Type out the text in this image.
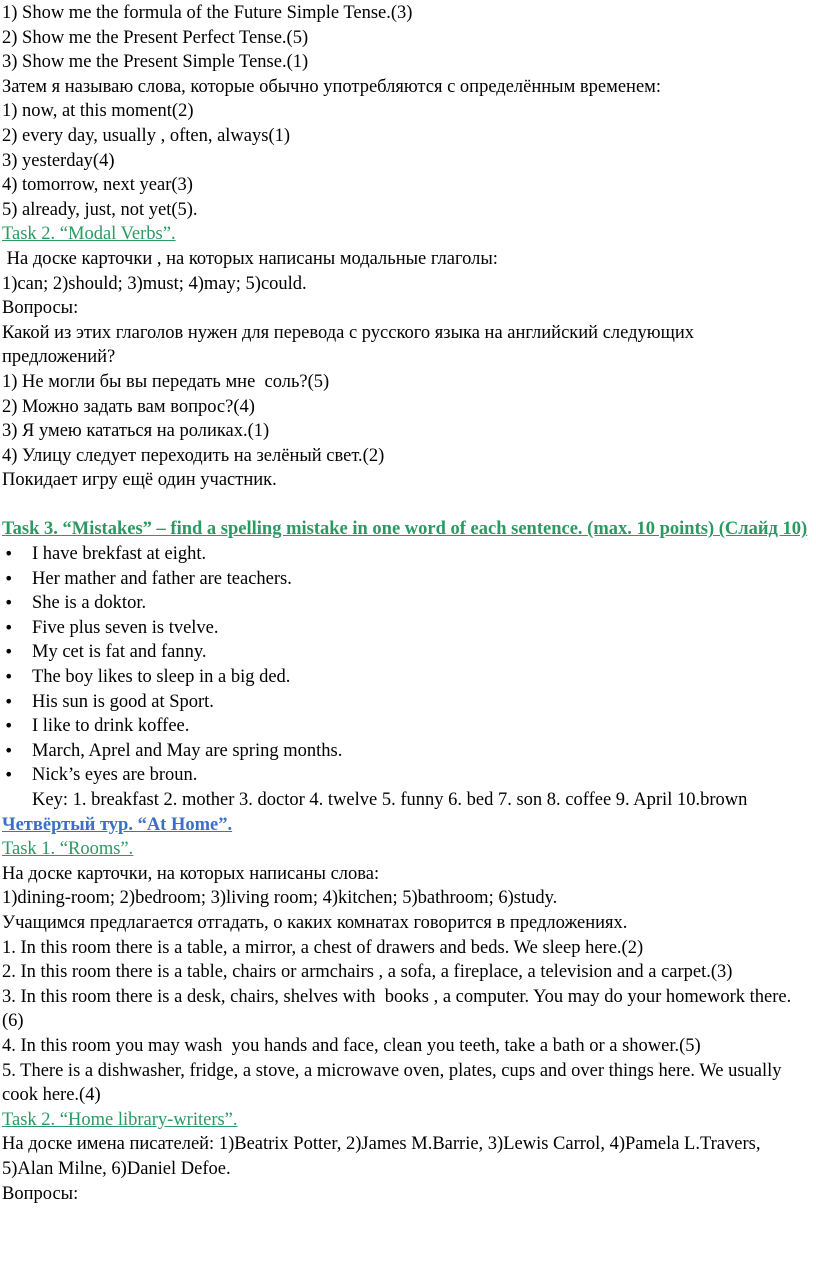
1) Show me the formula of the Future Simple Tense.(3)

2) Show me the Present Perfect Tense.(5)

3) Show me the Present Simple Tense.(1)

Затем я называю слова, которые обычно употребляются с определённым временем:

1) now, at this moment(2)

2) every day, usually , often, always(1)

3) yesterday(4)

4) tomorrow, next year(3)

5) already, just, not yet(5).

Task 2. “Modal Verbs”.

На доске карточки , на которых написаны модальные глаголы:

1)can; 2)should; 3)must; 4)may; 5)could.

Вопросы:

Какой из этих глаголов нужен для перевода с русского языка на английский следующих предложений?

1) Не могли бы вы передать мне  соль?(5)

2) Можно задать вам вопрос?(4)

3) Я умею кататься на роликах.(1)

4) Улицу следует переходить на зелёный свет.(2)

Покидает игру ещё один участник.

Task 3. “Mistakes” – find a spelling mistake in one word of each sentence. (max. 10 points) (Слайд 10)

• I have brekfast at eight.
• Her mather and father are teachers.
• She is a doktor.
• Five plus seven is tvelve.
• My cet is fat and fanny.
• The boy likes to sleep in a big ded.
• His sun is good at Sport.
• I like to drink koffee.
• March, Aprel and May are spring months.
• Nick’s eyes are broun.

Key: 1. breakfast 2. mother 3. doctor 4. twelve 5. funny 6. bed 7. son 8. coffee 9. April 10.brown

Четвёртый тур. “At Home”.

Task 1. “Rooms”.

На доске карточки, на которых написаны слова:

1)dining-room; 2)bedroom; 3)living room; 4)kitchen; 5)bathroom; 6)study.

Учащимся предлагается отгадать, о каких комнатах говорится в предложениях.

1. In this room there is a table, a mirror, a chest of drawers and beds. We sleep here.(2)

2. In this room there is a table, chairs or armchairs , a sofa, a fireplace, a television and a carpet.(3)

3. In this room there is a desk, chairs, shelves with  books , a computer. You may do your homework there.(6)

4. In this room you may wash  you hands and face, clean you teeth, take a bath or a shower.(5)

5. There is a dishwasher, fridge, a stove, a microwave oven, plates, cups and over things here. We usually cook here.(4)

Task 2. “Home library-writers”.

На доске имена писателей: 1)Beatrix Potter, 2)James M.Barrie, 3)Lewis Carrol, 4)Pamela L.Travers, 5)Alan Milne, 6)Daniel Defoe.

Вопросы:
